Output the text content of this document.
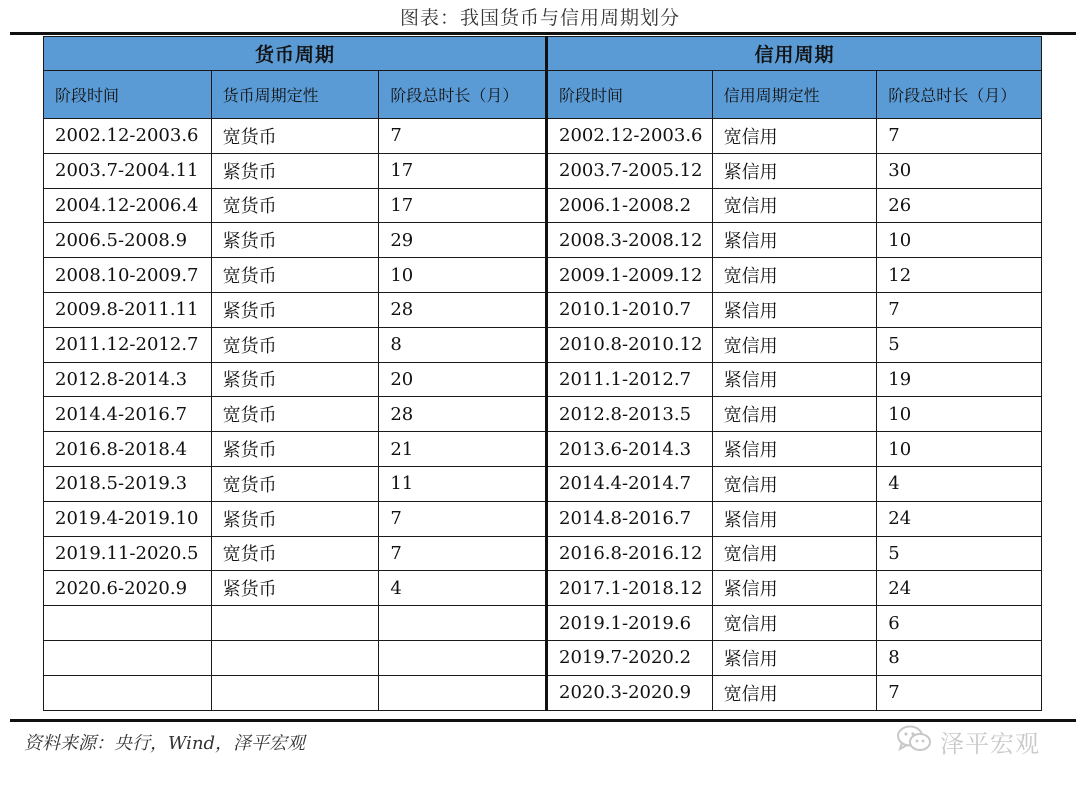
图表：我国货币与信用周期划分
货币周期		
阶段时间	货币周期定性	阶段总时长（月）
2002.12-2003.6	宽货币	7
2003.7-2004.11	紧货币	17
2004.12-2006.4	宽货币	17
2006.5-2008.9	紧货币	29
2008.10-2009.7	宽货币	10
2009.8-2011.11	紧货币	28
2011.12-2012.7	宽货币	8
2012.8-2014.3	紧货币	20
2014.4-2016.7	宽货币	28
2016.8-2018.4	紧货币	21
2018.5-2019.3	宽货币	11
2019.4-2019.10	紧货币	7
2019.11-2020.5	宽货币	7
2020.6-2020.9	紧货币	4

信用周期		
阶段时间	信用周期定性	阶段总时长（月）
2002.12-2003.6	宽信用	7
2003.7-2005.12	紧信用	30
2006.1-2008.2	宽信用	26
2008.3-2008.12	紧信用	10
2009.1-2009.12	宽信用	12
2010.1-2010.7	紧信用	7
2010.8-2010.12	宽信用	5
2011.1-2012.7	紧信用	19
2012.8-2013.5	宽信用	10
2013.6-2014.3	紧信用	10
2014.4-2014.7	宽信用	4
2014.8-2016.7	紧信用	24
2016.8-2016.12	宽信用	5
2017.1-2018.12	紧信用	24
2019.1-2019.6	宽信用	6
2019.7-2020.2	紧信用	8
2020.3-2020.9	宽信用	7
资料来源：央行，Wind，泽平宏观	泽平宏观
